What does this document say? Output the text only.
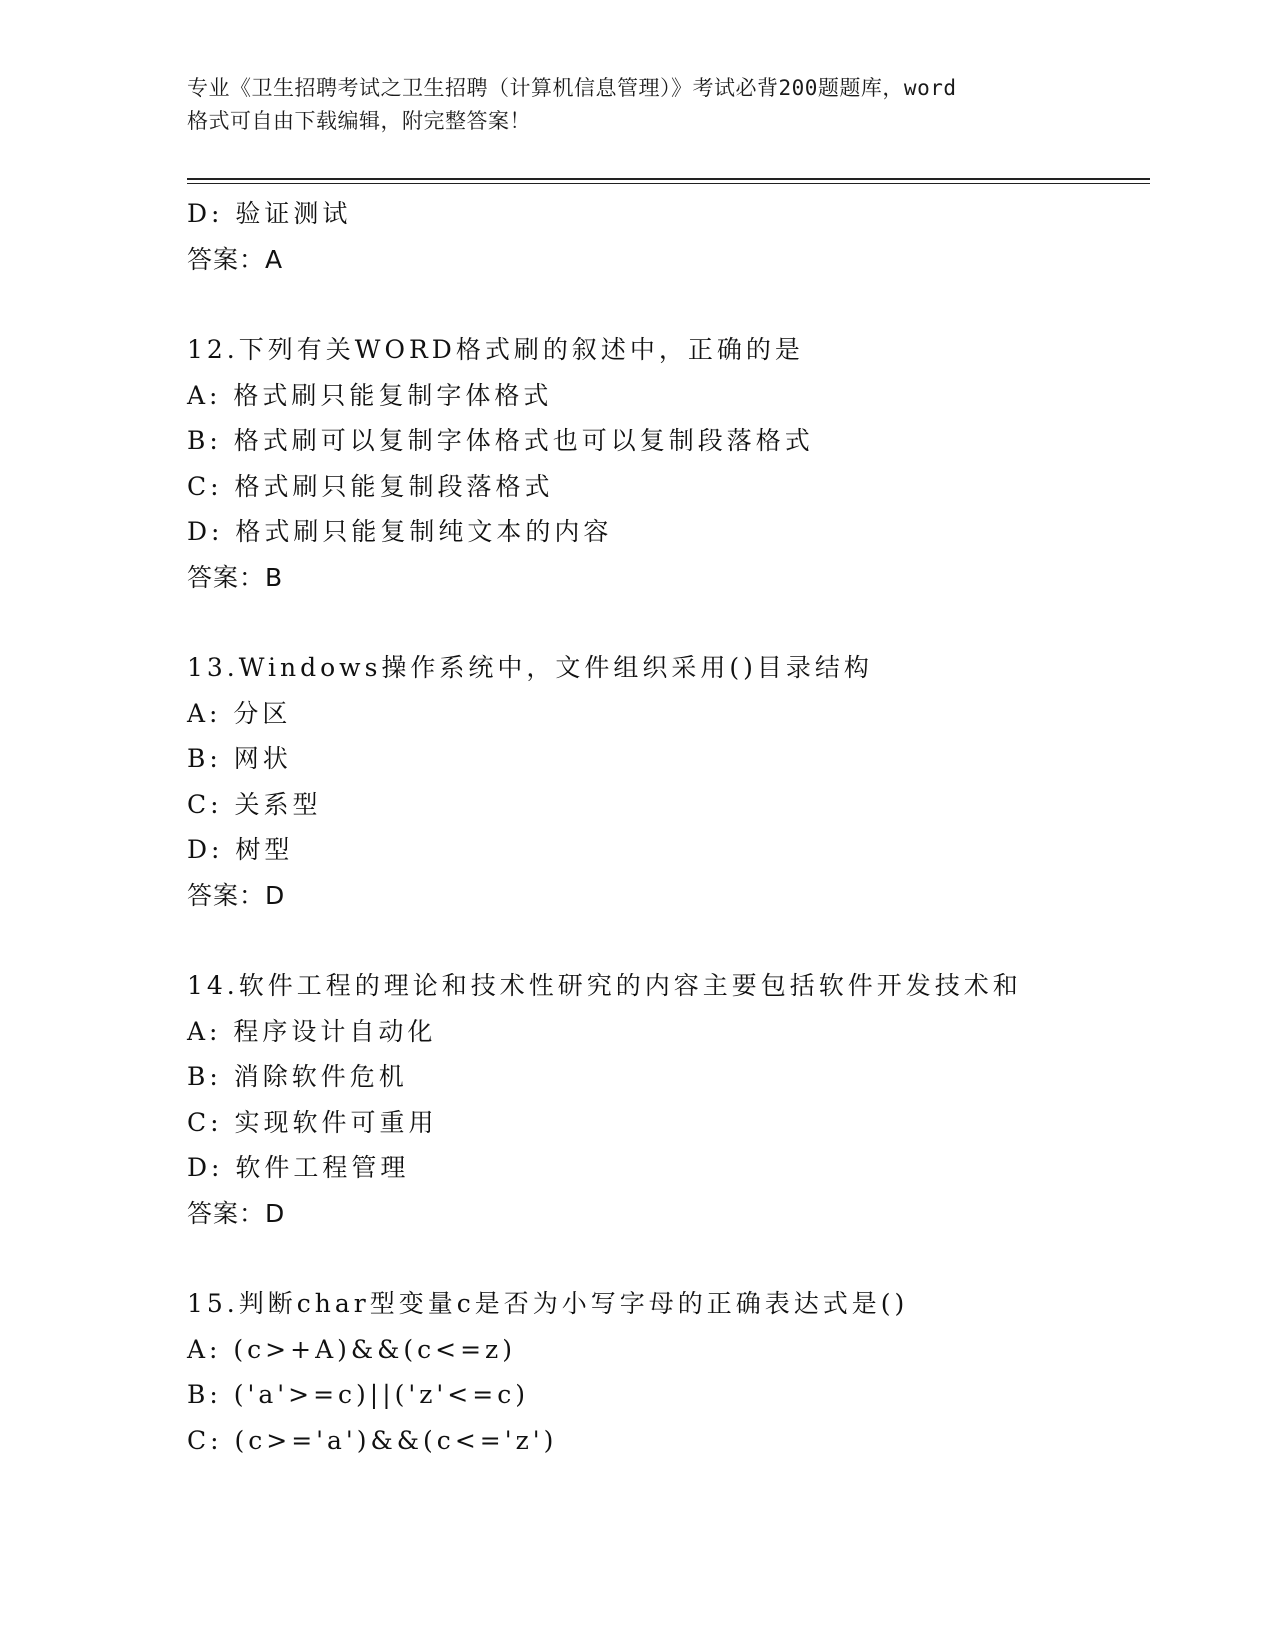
专业《卫生招聘考试之卫生招聘（计算机信息管理）》考试必背200题题库，word
格式可自由下载编辑，附完整答案！
D: 验证测试
答案：A
12.下列有关WORD格式刷的叙述中，正确的是
A: 格式刷只能复制字体格式
B: 格式刷可以复制字体格式也可以复制段落格式
C: 格式刷只能复制段落格式
D: 格式刷只能复制纯文本的内容
答案：B
13.Windows操作系统中，文件组织采用()目录结构
A: 分区
B: 网状
C: 关系型
D: 树型
答案：D
14.软件工程的理论和技术性研究的内容主要包括软件开发技术和
A: 程序设计自动化
B: 消除软件危机
C: 实现软件可重用
D: 软件工程管理
答案：D
15.判断char型变量c是否为小写字母的正确表达式是()
A: (c>+A)&&(c<=z)
B: ('a'>=c)||('z'<=c)
C: (c>='a')&&(c<='z')
